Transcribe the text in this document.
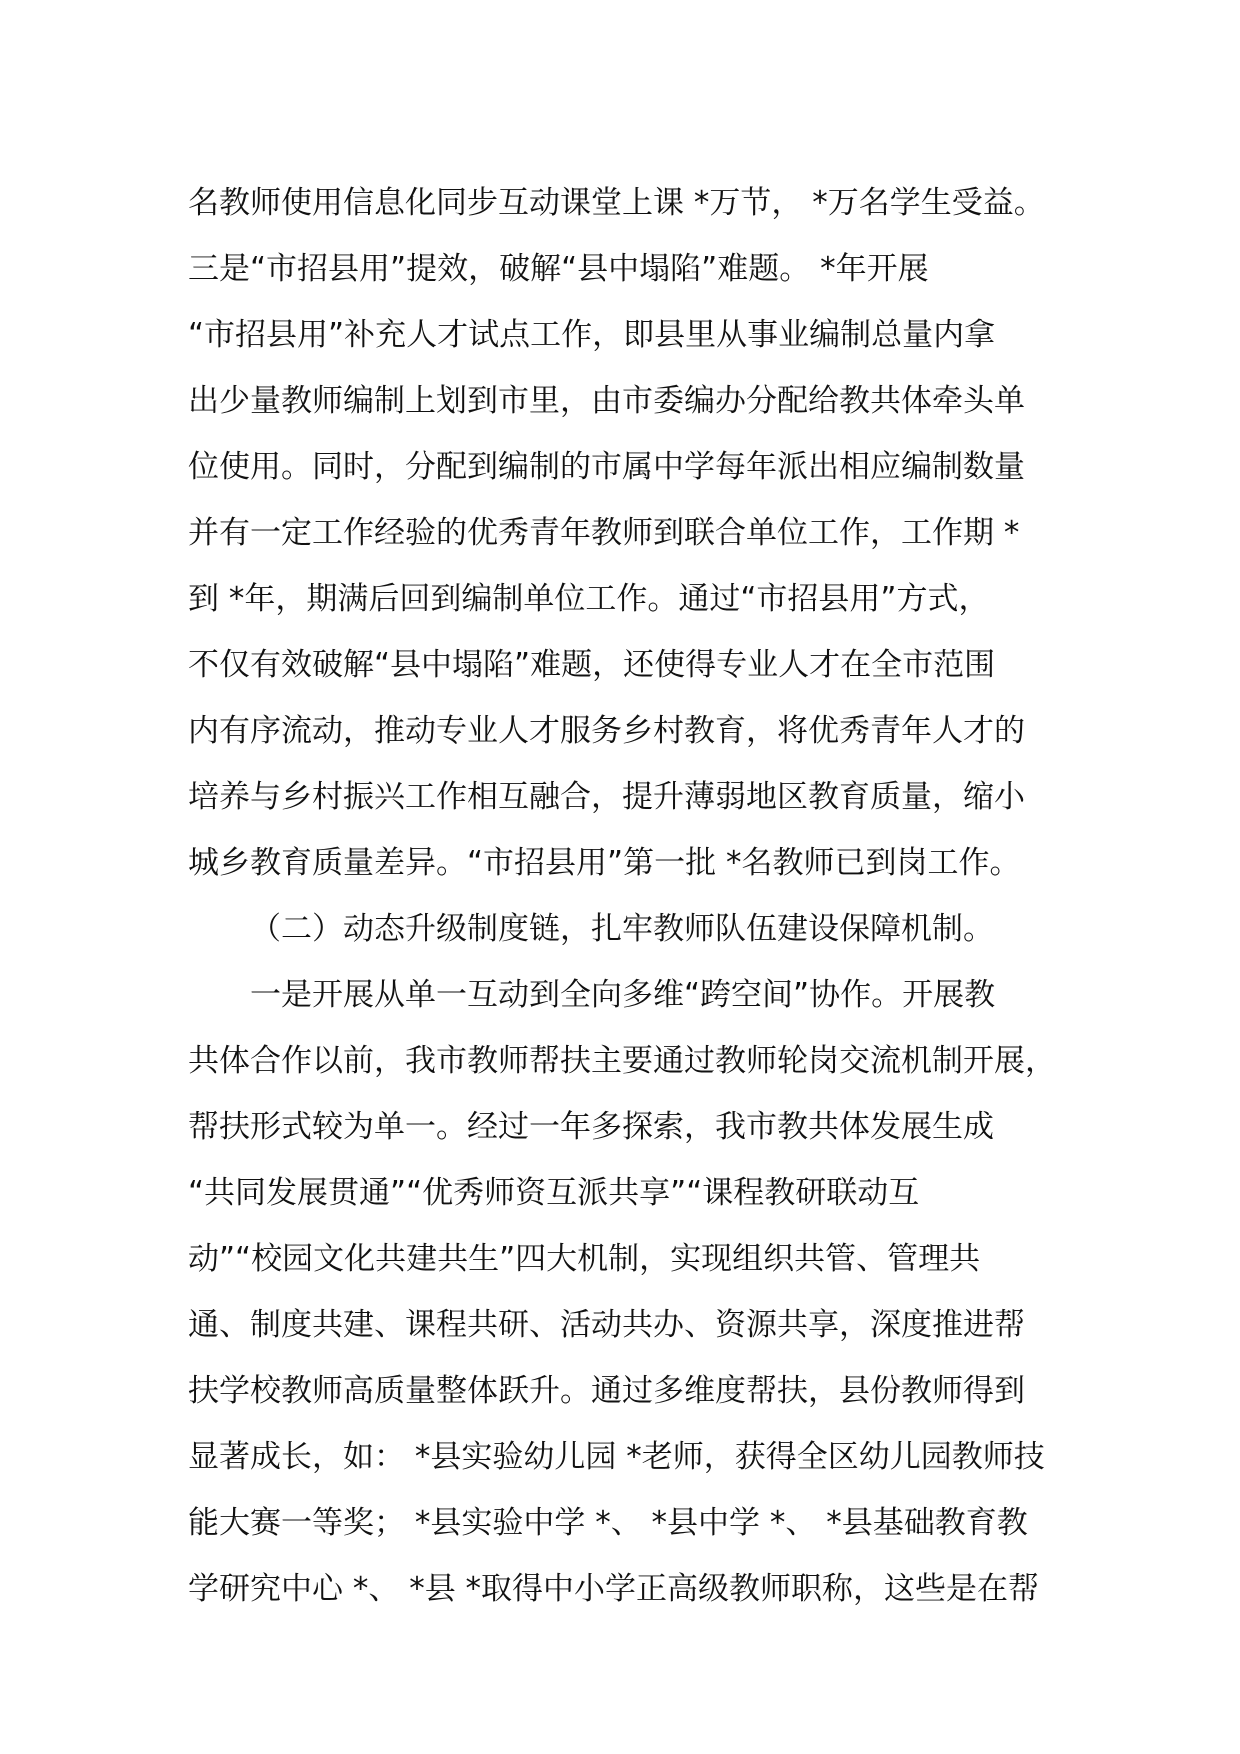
名教师使用信息化同步互动课堂上课 *万节， *万名学生受益。
三是“市招县用”提效，破解“县中塌陷”难题。 *年开展
“市招县用”补充人才试点工作，即县里从事业编制总量内拿
出少量教师编制上划到市里，由市委编办分配给教共体牵头单
位使用。同时，分配到编制的市属中学每年派出相应编制数量
并有一定工作经验的优秀青年教师到联合单位工作，工作期 *
到 *年，期满后回到编制单位工作。通过“市招县用”方式，
不仅有效破解“县中塌陷”难题，还使得专业人才在全市范围
内有序流动，推动专业人才服务乡村教育，将优秀青年人才的
培养与乡村振兴工作相互融合，提升薄弱地区教育质量，缩小
城乡教育质量差异。“市招县用”第一批 *名教师已到岗工作。
（二）动态升级制度链，扎牢教师队伍建设保障机制。
一是开展从单一互动到全向多维“跨空间”协作。开展教
共体合作以前，我市教师帮扶主要通过教师轮岗交流机制开展，
帮扶形式较为单一。经过一年多探索，我市教共体发展生成
“共同发展贯通”“优秀师资互派共享”“课程教研联动互
动”“校园文化共建共生”四大机制，实现组织共管、管理共
通、制度共建、课程共研、活动共办、资源共享，深度推进帮
扶学校教师高质量整体跃升。通过多维度帮扶，县份教师得到
显著成长，如： *县实验幼儿园 *老师，获得全区幼儿园教师技
能大赛一等奖； *县实验中学 *、 *县中学 *、 *县基础教育教
学研究中心 *、 *县 *取得中小学正高级教师职称，这些是在帮
